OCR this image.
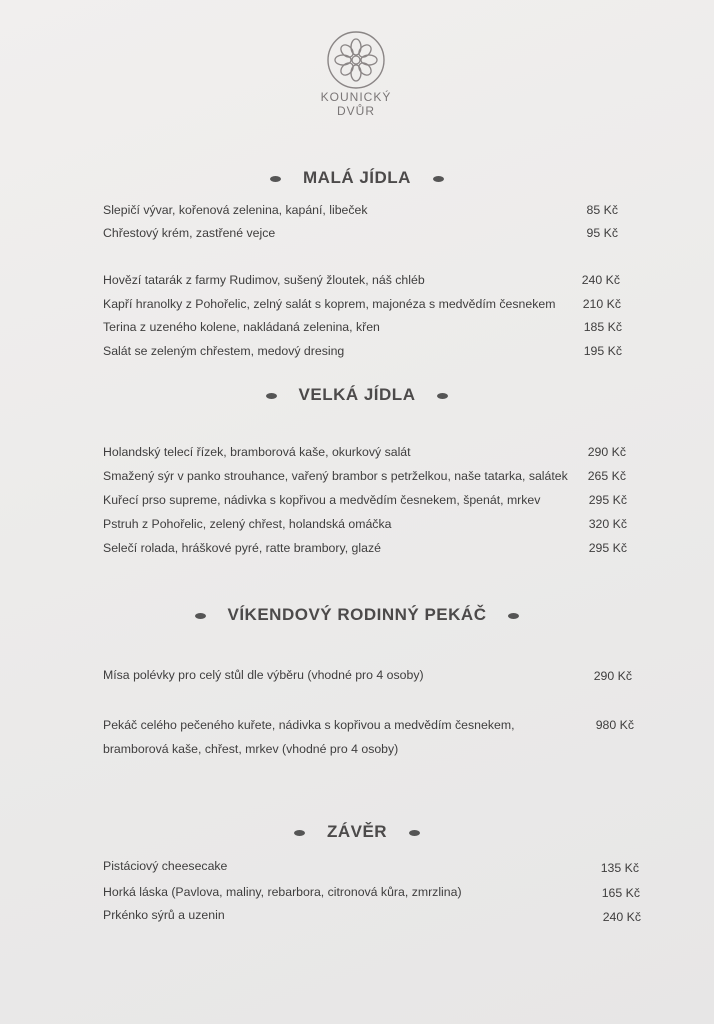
KOUNICKÝ
DVŮR
MALÁ JÍDLA
Slepičí vývar, kořenová zelenina, kapání, libeček	85 Kč
Chřestový krém, zastřené vejce	95 Kč
Hovězí tatarák z farmy Rudimov, sušený žloutek, náš chléb	240 Kč
Kapří hranolky z Pohořelic, zelný salát s koprem, majonéza s medvědím česnekem 210 Kč
Terina z uzeného kolene, nakládaná zelenina, křen	185 Kč
Salát se zeleným chřestem, medový dresing	195 Kč
VELKÁ JÍDLA
Holandský telecí řízek, bramborová kaše, okurkový salát	290 Kč
Smažený sýr v panko strouhance, vařený brambor s petrželkou, naše tatarka, salátek 265 Kč
Kuřecí prso supreme, nádivka s kopřivou a medvědím česnekem, špenát, mrkev	295 Kč
Pstruh z Pohořelic, zelený chřest, holandská omáčka	320 Kč
Selečí rolada, hráškové pyré, ratte brambory, glazé	295 Kč
VÍKENDOVÝ RODINNÝ PEKÁČ
Mísa polévky pro celý stůl dle výběru (vhodné pro 4 osoby)	290 Kč
Pekáč celého pečeného kuřete, nádivka s kopřivou a medvědím česnekem,	980 Kč
bramborová kaše, chřest, mrkev (vhodné pro 4 osoby)
ZÁVĚR
Pistáciový cheesecake	135 Kč
Horká láska (Pavlova, maliny, rebarbora, citronová kůra, zmrzlina)	165 Kč
Prkénko sýrů a uzenin	240 Kč
